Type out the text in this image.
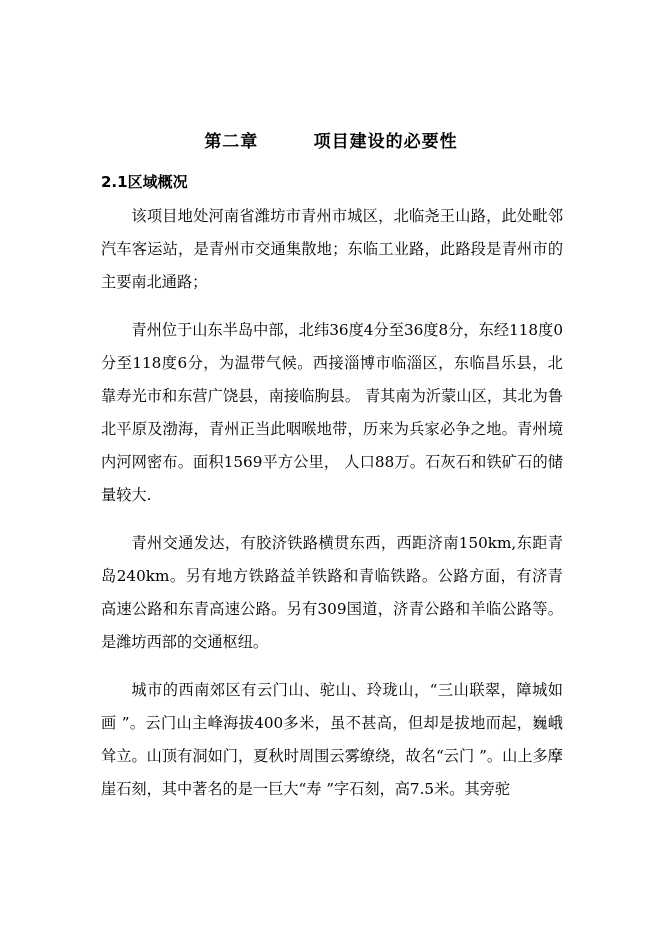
第二章        项目建设的必要性
2.1区域概况

该项目地处河南省潍坊市青州市城区，北临尧王山路，此处毗邻汽车客运站，是青州市交通集散地；东临工业路，此路段是青州市的主要南北通路；

青州位于山东半岛中部，北纬36度4分至36度8分，东经118度0分至118度6分，为温带气候。西接淄博市临淄区，东临昌乐县，北靠寿光市和东营广饶县，南接临朐县。 青其南为沂蒙山区，其北为鲁北平原及渤海，青州正当此咽喉地带，历来为兵家必争之地。青州境内河网密布。面积1569平方公里， 人口88万。石灰石和铁矿石的储量较大.

青州交通发达，有胶济铁路横贯东西，西距济南150km,东距青岛240km。另有地方铁路益羊铁路和青临铁路。公路方面，有济青高速公路和东青高速公路。另有309国道，济青公路和羊临公路等。是潍坊西部的交通枢纽。

城市的西南郊区有云门山、驼山、玲珑山，“三山联翠，障城如画 ”。云门山主峰海拔400多米，虽不甚高，但却是拔地而起，巍峨耸立。山顶有洞如门，夏秋时周围云雾缭绕，故名“云门 ”。山上多摩崖石刻，其中著名的是一巨大“寿 ”字石刻，高7.5米。其旁驼
